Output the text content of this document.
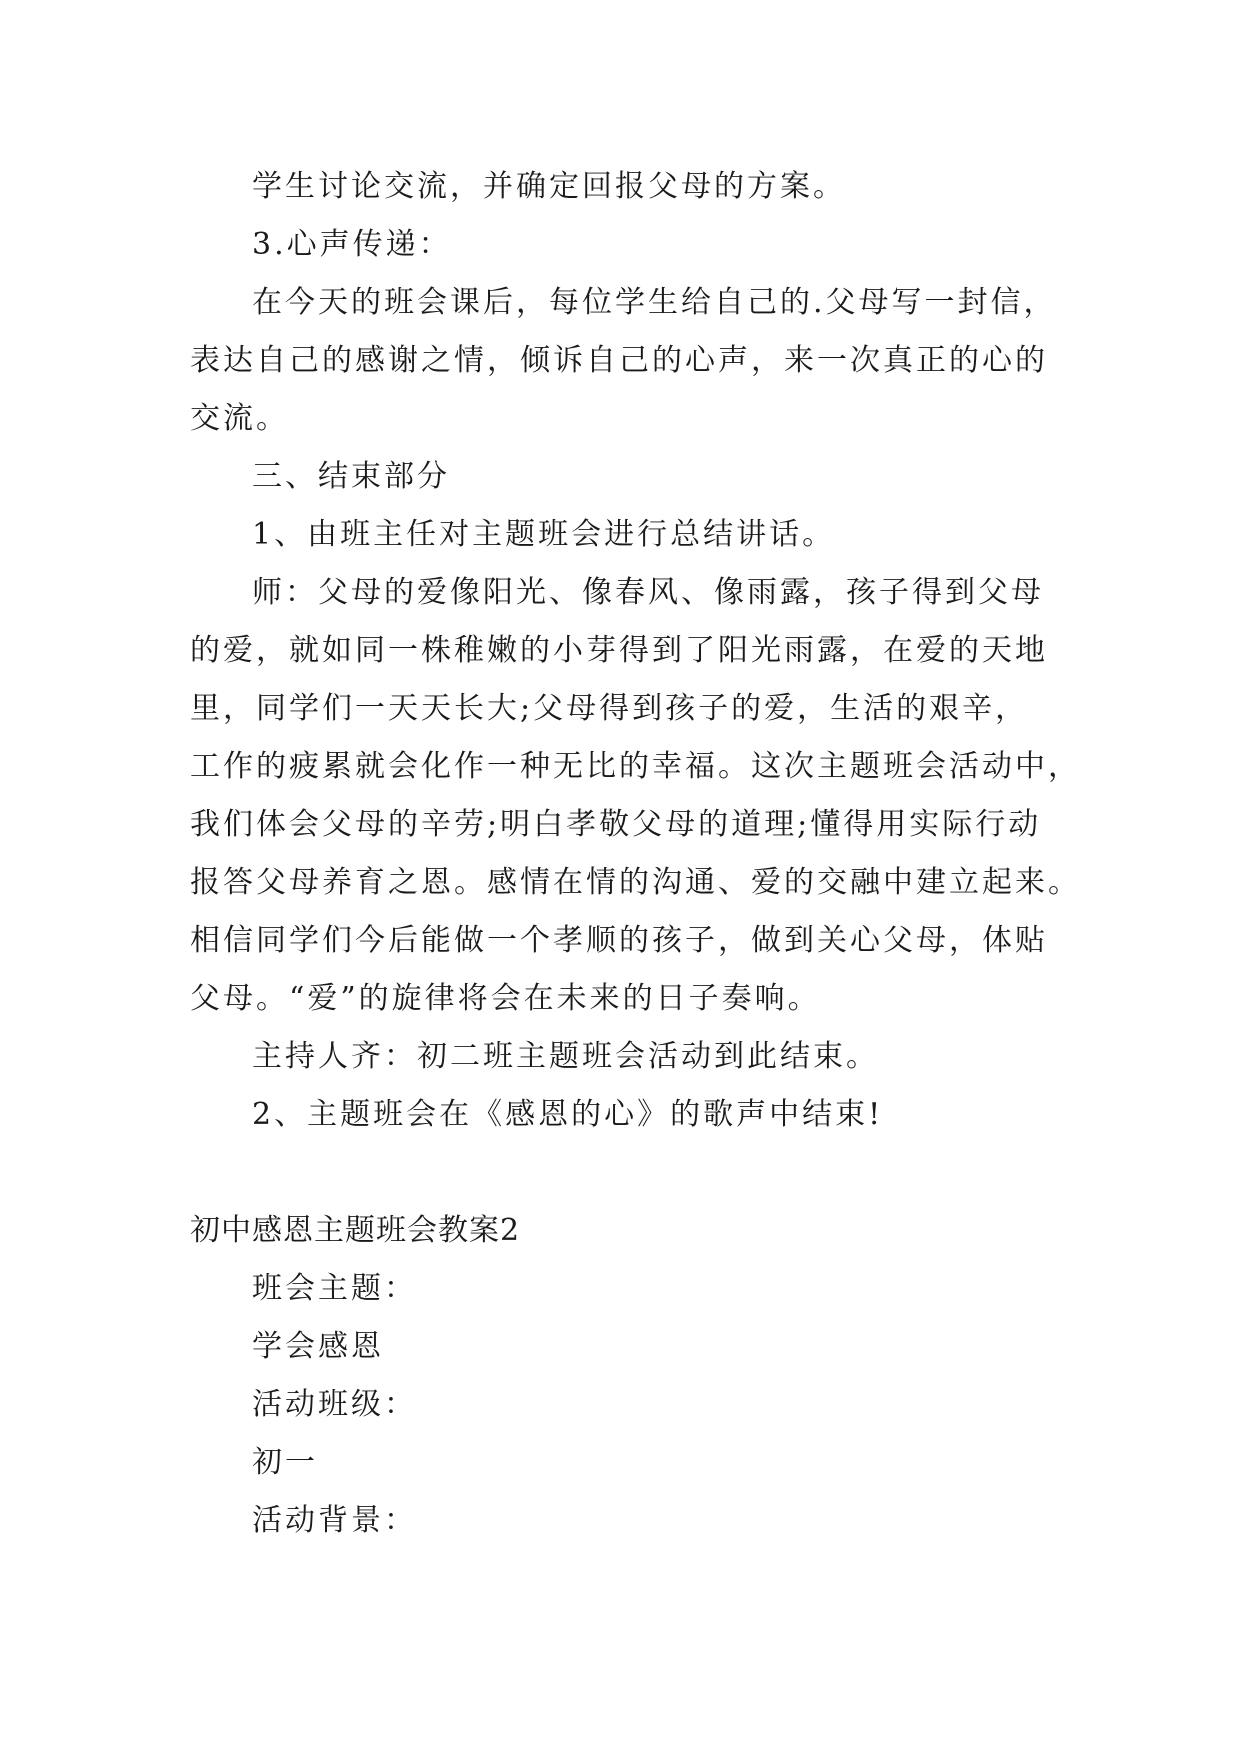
学生讨论交流，并确定回报父母的方案。
3.心声传递：
在今天的班会课后，每位学生给自己的.父母写一封信，
表达自己的感谢之情，倾诉自己的心声，来一次真正的心的
交流。
三、结束部分
1、由班主任对主题班会进行总结讲话。
师：父母的爱像阳光、像春风、像雨露，孩子得到父母
的爱，就如同一株稚嫩的小芽得到了阳光雨露，在爱的天地
里，同学们一天天长大;父母得到孩子的爱，生活的艰辛，
工作的疲累就会化作一种无比的幸福。这次主题班会活动中，
我们体会父母的辛劳;明白孝敬父母的道理;懂得用实际行动
报答父母养育之恩。感情在情的沟通、爱的交融中建立起来。
相信同学们今后能做一个孝顺的孩子，做到关心父母，体贴
父母。“爱”的旋律将会在未来的日子奏响。
主持人齐：初二班主题班会活动到此结束。
2、主题班会在《感恩的心》的歌声中结束!
初中感恩主题班会教案2
班会主题：
学会感恩
活动班级：
初一
活动背景：
